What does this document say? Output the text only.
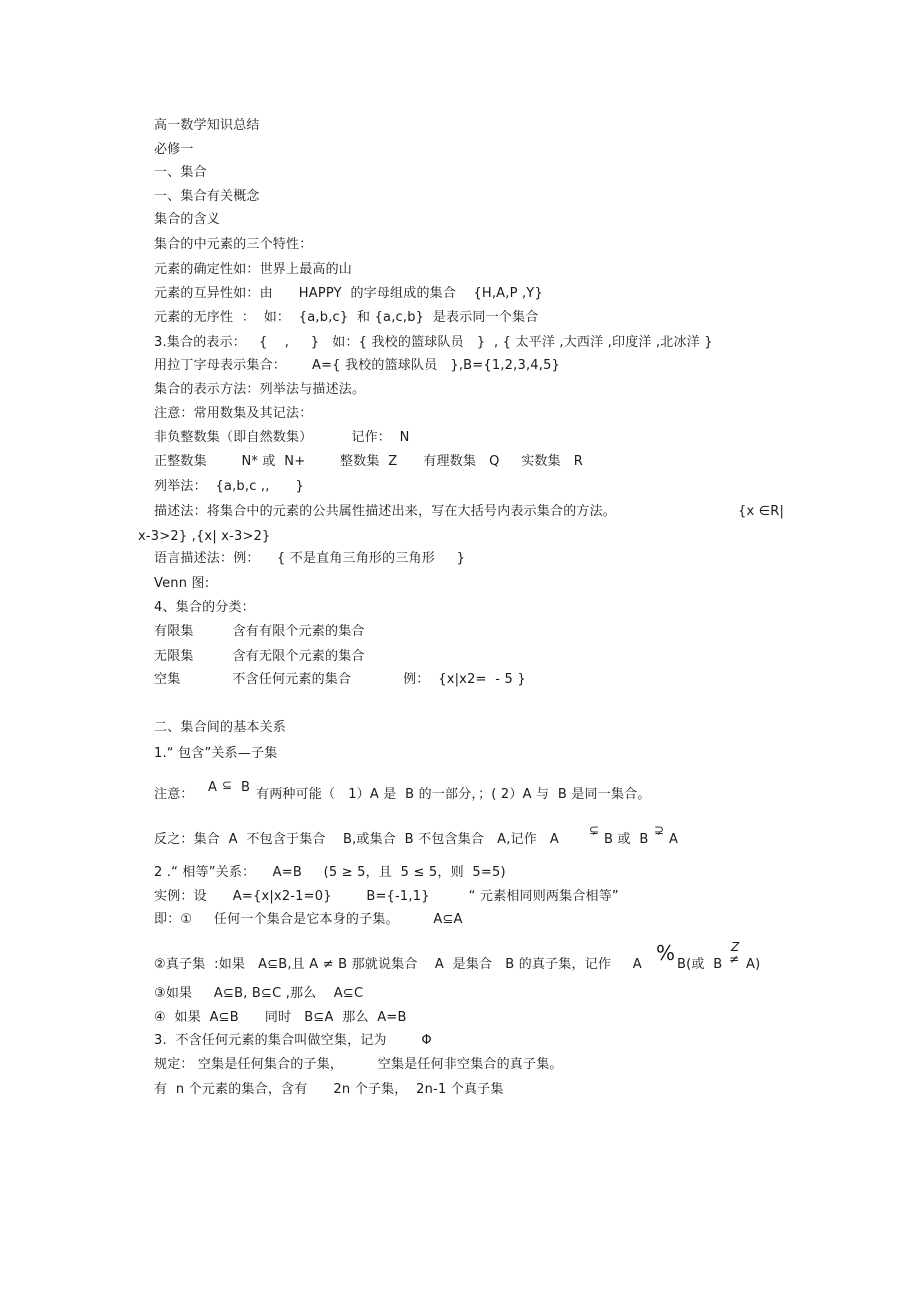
高一数学知识总结
必修一
一、集合
一、集合有关概念
集合的含义
集合的中元素的三个特性：
元素的确定性如：世界上最高的山
元素的互异性如：由      HAPPY  的字母组成的集合    {H,A,P ,Y}
元素的无序性  ：  如：  {a,b,c}  和 {a,c,b}  是表示同一个集合
3.集合的表示：   {    ,     }   如：{ 我校的篮球队员   }  , { 太平洋 ,大西洋 ,印度洋 ,北冰洋 }
用拉丁字母表示集合：      A={ 我校的篮球队员   },B={1,2,3,4,5}
集合的表示方法：列举法与描述法。
注意：常用数集及其记法：
非负整数集（即自然数集）         记作：  N
正整数集        N* 或  N+        整数集  Z      有理数集   Q     实数集   R
列举法：  {a,b,c ,,      }
描述法：将集合中的元素的公共属性描述出来，写在大括号内表示集合的方法。	{x ∈R|
x-3>2} ,{x| x-3>2}
语言描述法：例：    { 不是直角三角形的三角形     }
Venn 图:
4、集合的分类：
有限集         含有有限个元素的集合
无限集         含有无限个元素的集合
空集            不含任何元素的集合            例：  {x|x2=  - 5 }
二、集合间的基本关系
1.“ 包含”关系—子集
注意： A ⊆ B 有两种可能（   1）A 是  B 的一部分，；( 2）A 与  B 是同一集合。
反之：集合  A  不包含于集合    B,或集合  B 不包含集合   A,记作   A
⊊
B 或  B
⊋
A
2 .“ 相等”关系：    A=B     (5 ≥ 5，且  5 ≤ 5，则  5=5)
实例：设      A={x|x2-1=0}        B={-1,1}         “ 元素相同则两集合相等”
即：①     任何一个集合是它本身的子集。        A⊆A
②真子集  :如果   A⊆B,且 A ≠ B 那就说集合    A  是集合   B 的真子集，记作     A % B(或  B
Z
≠ A)
③如果     A⊆B, B⊆C ,那么    A⊆C
④  如果  A⊆B      同时   B⊆A  那么  A=B
3.  不含任何元素的集合叫做空集，记为        Φ
规定： 空集是任何集合的子集，        空集是任何非空集合的真子集。
有  n 个元素的集合，含有      2n 个子集，  2n-1 个真子集
